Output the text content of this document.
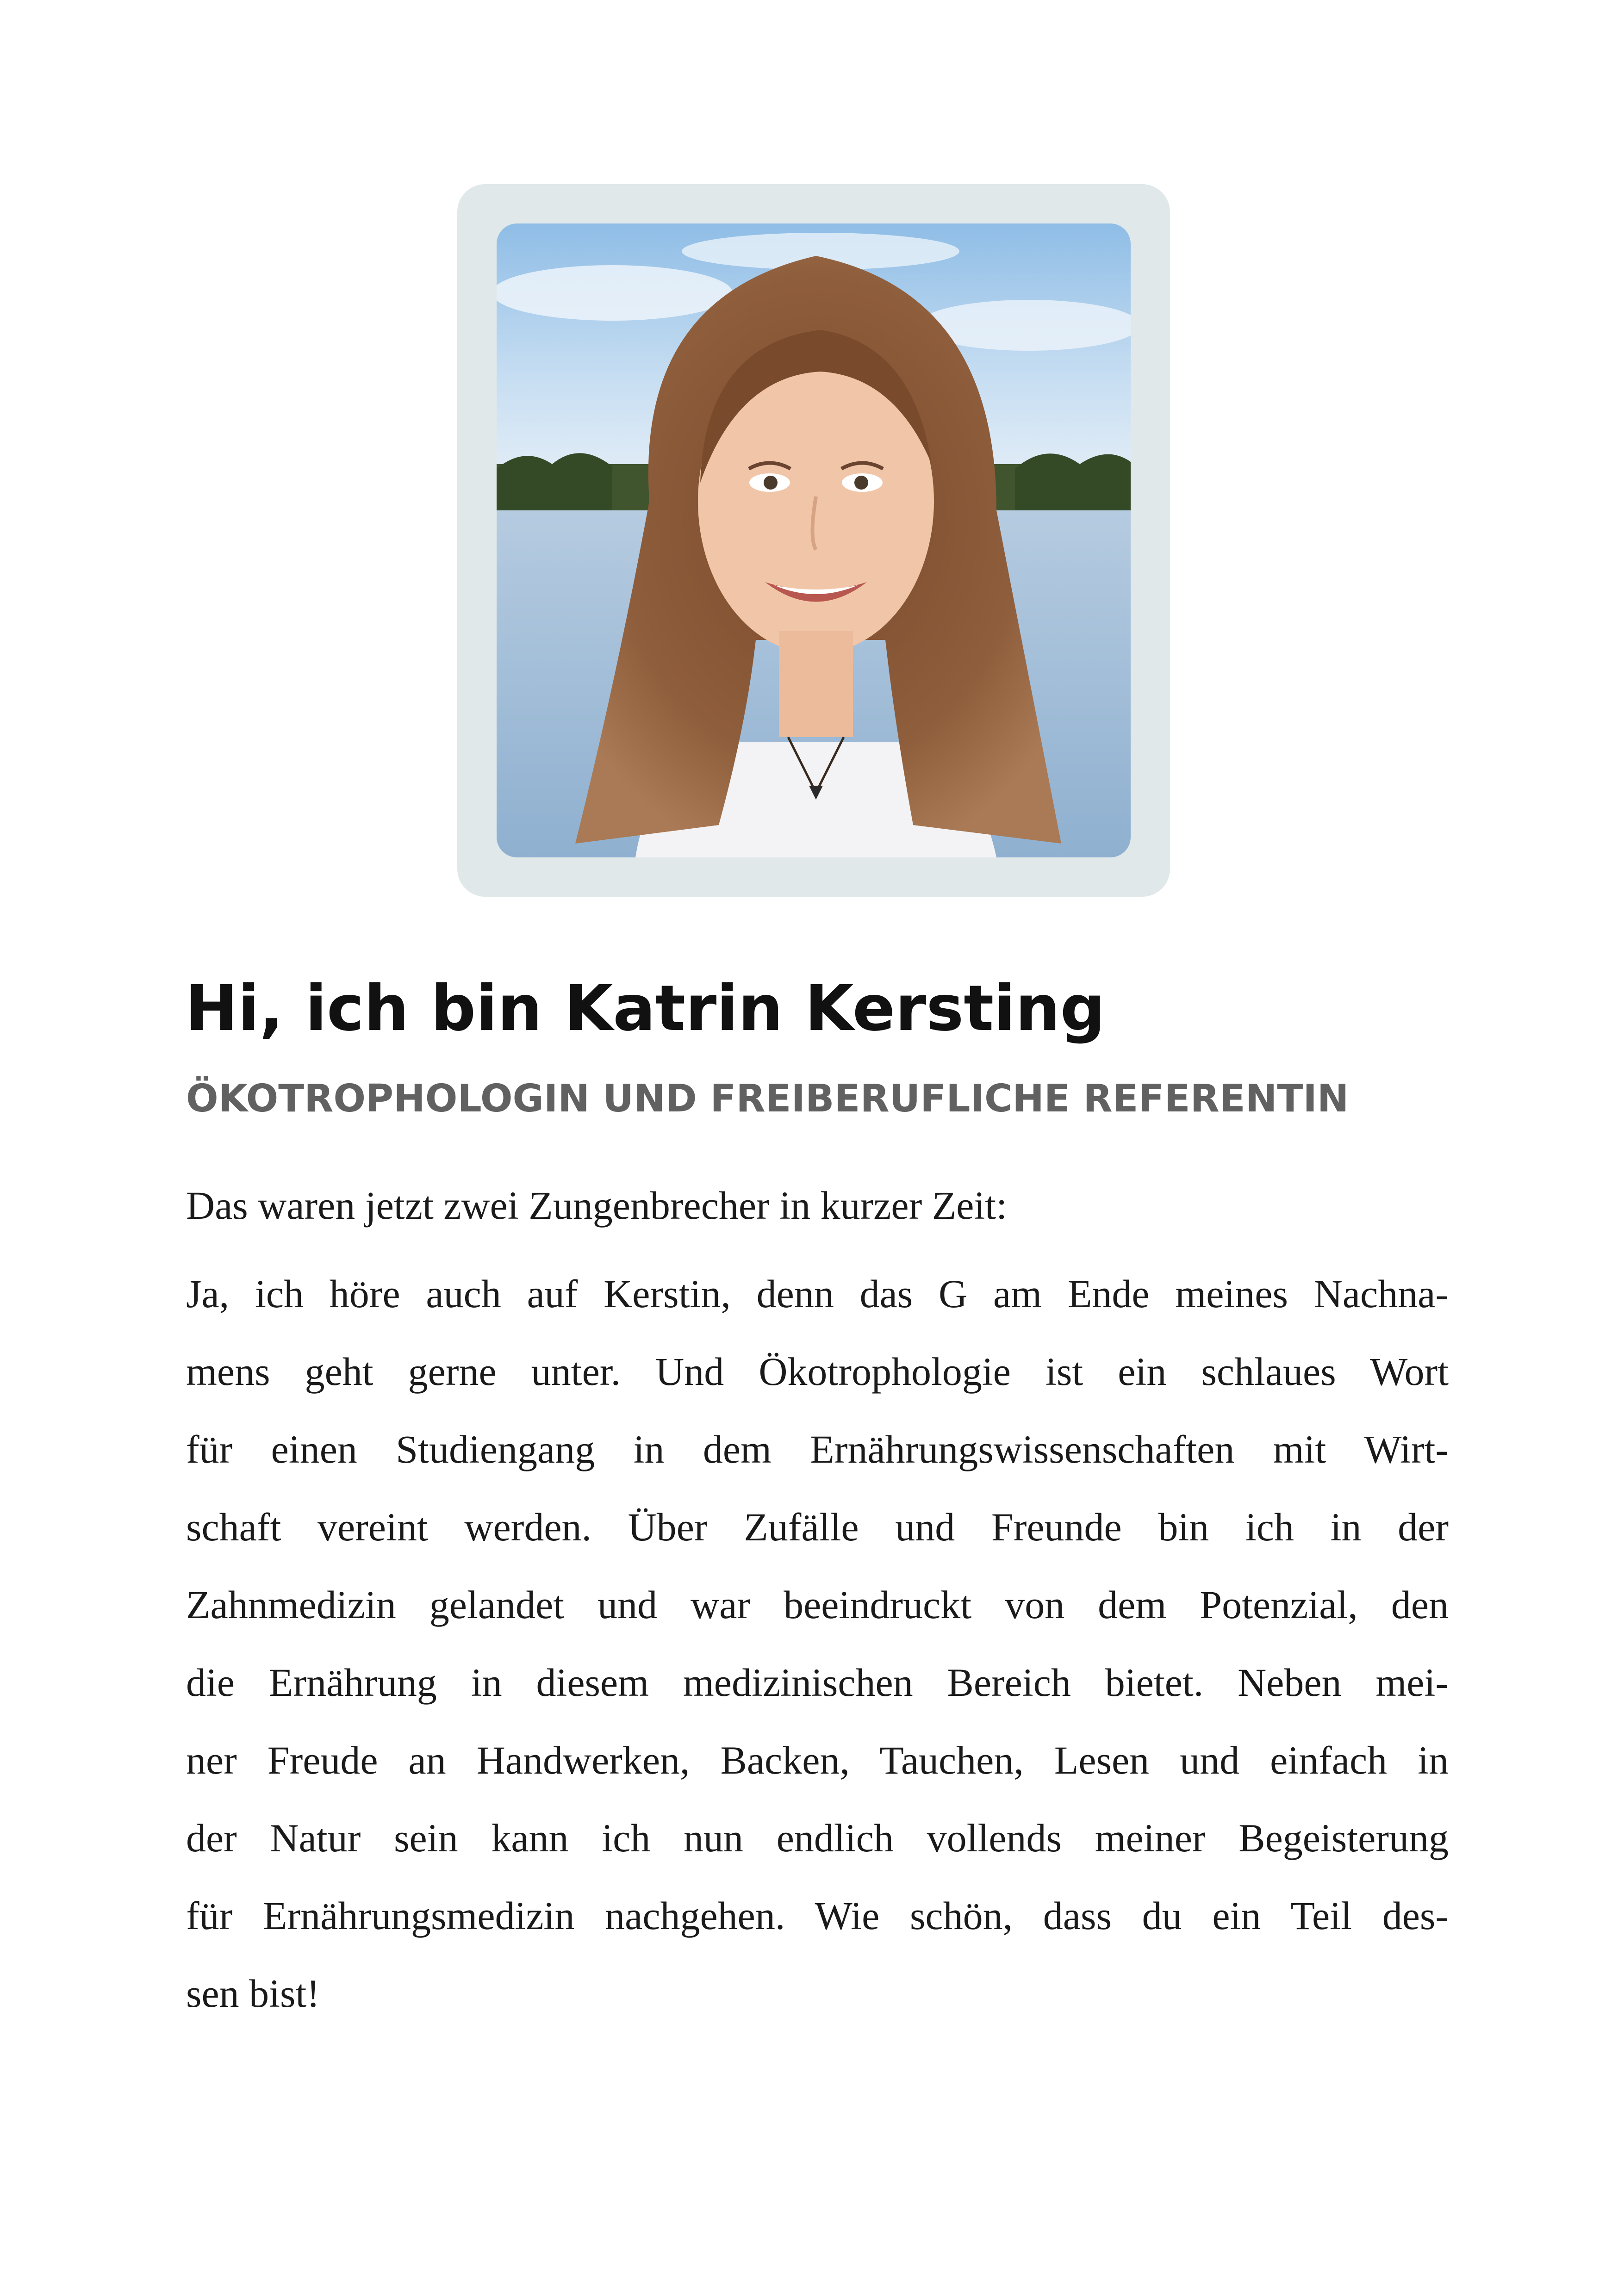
Hi, ich bin Katrin Kersting
ÖKOTROPHOLOGIN UND FREIBERUFLICHE REFERENTIN

Das waren jetzt zwei Zungenbrecher in kurzer Zeit:

Ja, ich höre auch auf Kerstin, denn das G am Ende meines Nachna-
mens geht gerne unter. Und Ökotrophologie ist ein schlaues Wort
für einen Studiengang in dem Ernährungswissenschaften mit Wirt-
schaft vereint werden. Über Zufälle und Freunde bin ich in der
Zahnmedizin gelandet und war beeindruckt von dem Potenzial, den
die Ernährung in diesem medizinischen Bereich bietet. Neben mei-
ner Freude an Handwerken, Backen, Tauchen, Lesen und einfach in
der Natur sein kann ich nun endlich vollends meiner Begeisterung
für Ernährungsmedizin nachgehen. Wie schön, dass du ein Teil des-
sen bist!
